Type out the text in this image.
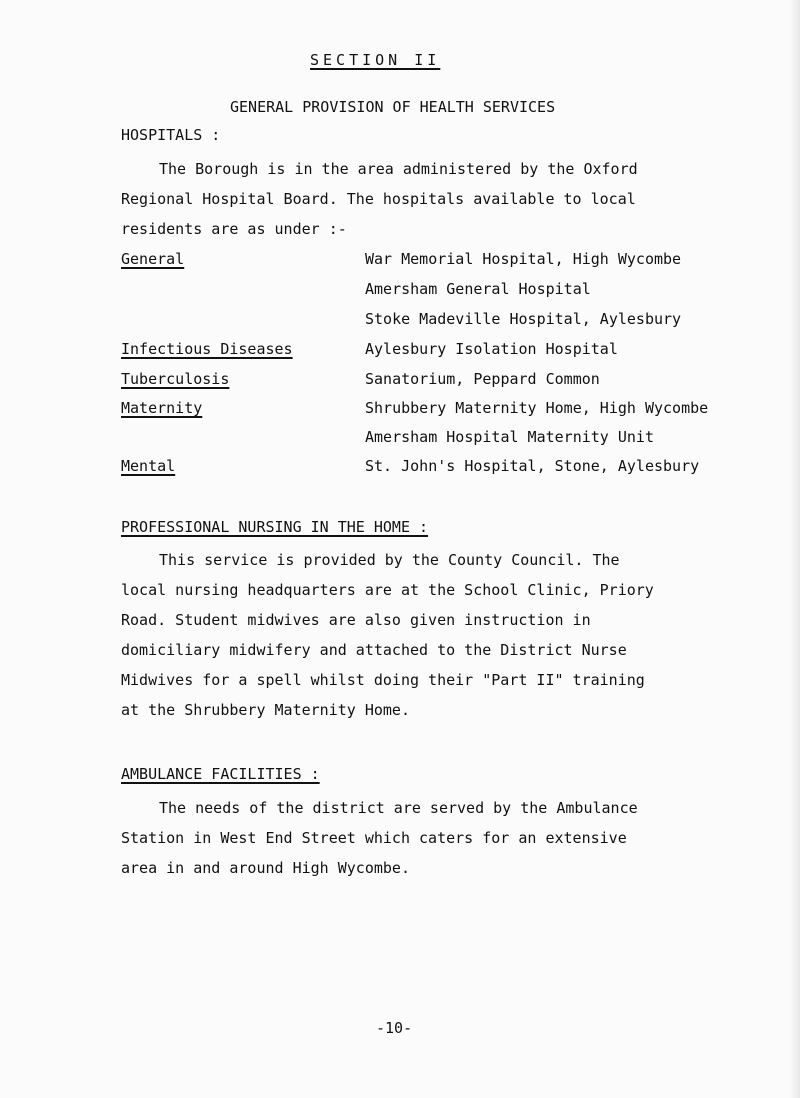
SECTION II
GENERAL PROVISION OF HEALTH SERVICES
HOSPITALS :
The Borough is in the area administered by the Oxford
Regional Hospital Board. The hospitals available to local
residents are as under :-
General
Infectious Diseases
Tuberculosis
Maternity
Mental
War Memorial Hospital, High Wycombe
Amersham General Hospital
Stoke Madeville Hospital, Aylesbury
Aylesbury Isolation Hospital
Sanatorium, Peppard Common
Shrubbery Maternity Home, High Wycombe
Amersham Hospital Maternity Unit
St. John's Hospital, Stone, Aylesbury
PROFESSIONAL NURSING IN THE HOME :
This service is provided by the County Council. The
local nursing headquarters are at the School Clinic, Priory
Road. Student midwives are also given instruction in
domiciliary midwifery and attached to the District Nurse
Midwives for a spell whilst doing their "Part II" training
at the Shrubbery Maternity Home.
AMBULANCE FACILITIES :
The needs of the district are served by the Ambulance
Station in West End Street which caters for an extensive
area in and around High Wycombe.
-10-
